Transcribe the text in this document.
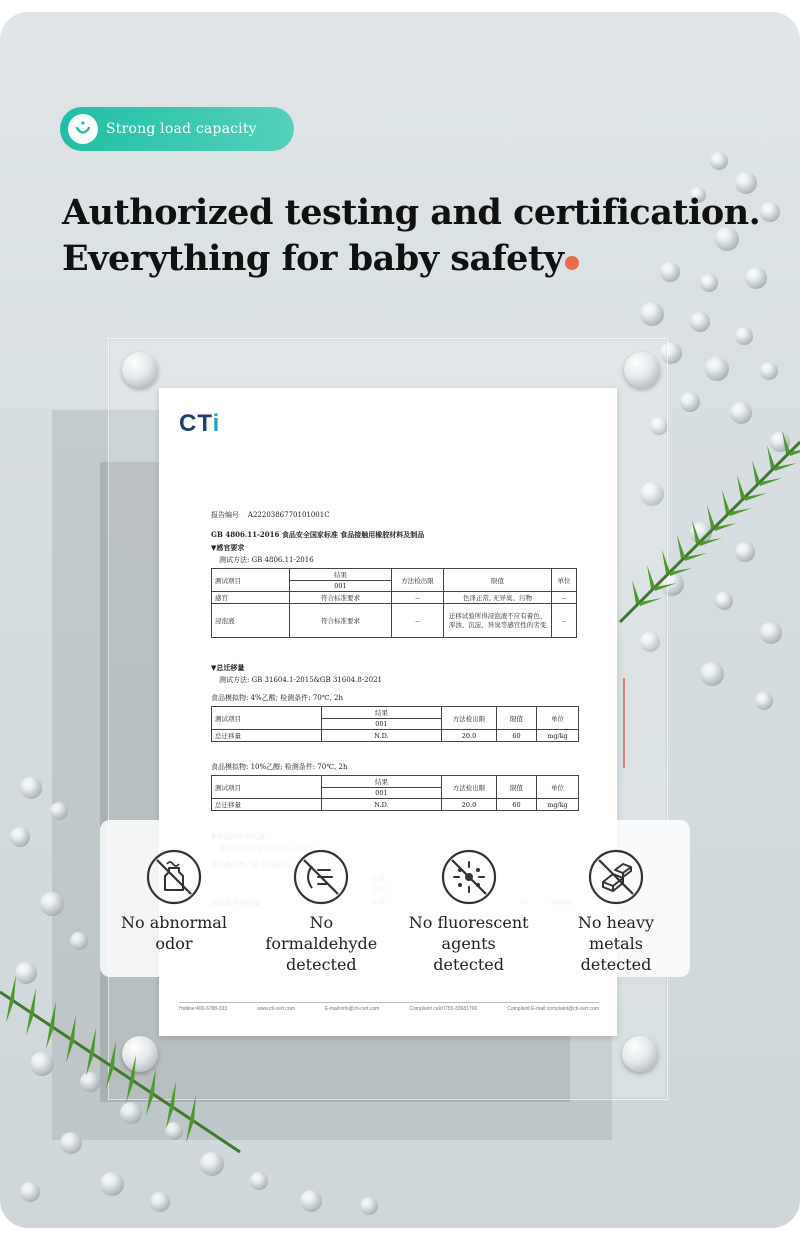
Strong load capacity
Authorized testing and certification.
Everything for baby safety
CTi
报告编号 A2220386770101001C
GB 4806.11-2016 食品安全国家标准 食品接触用橡胶材料及制品
▼感官要求
测试方法: GB 4806.11-2016
测试项目	结果	方法检出限	限值	单位
	001			
感官	符合标准要求	--	色泽正常, 无异臭、污物	--
浸泡液	符合标准要求	--	迁移试验所得浸泡液不应有着色、浑浊、沉淀、异臭等感官性的劣变	--
▼总迁移量
测试方法: GB 31604.1-2015&GB 31604.8-2021
食品模拟物: 4%乙酸; 检测条件: 70℃, 2h
测试项目	结果	方法检出限	限值	单位
	001			
总迁移量	N.D.	20.0	60	mg/kg
食品模拟物: 10%乙醇; 检测条件: 70℃, 2h
测试项目	结果	方法检出限	限值	单位
	001			
总迁移量	N.D.	20.0	60	mg/kg
Hotline:400-6788-333	www.cti-cert.com	E-mail:info@cti-cert.com	Complaint call:0755-33681700	Complaint E-mail:complaint@cti-cert.com
No abnormal
odor
No
formaldehyde
detected
No fluorescent
agents
detected
No heavy
metals
detected
